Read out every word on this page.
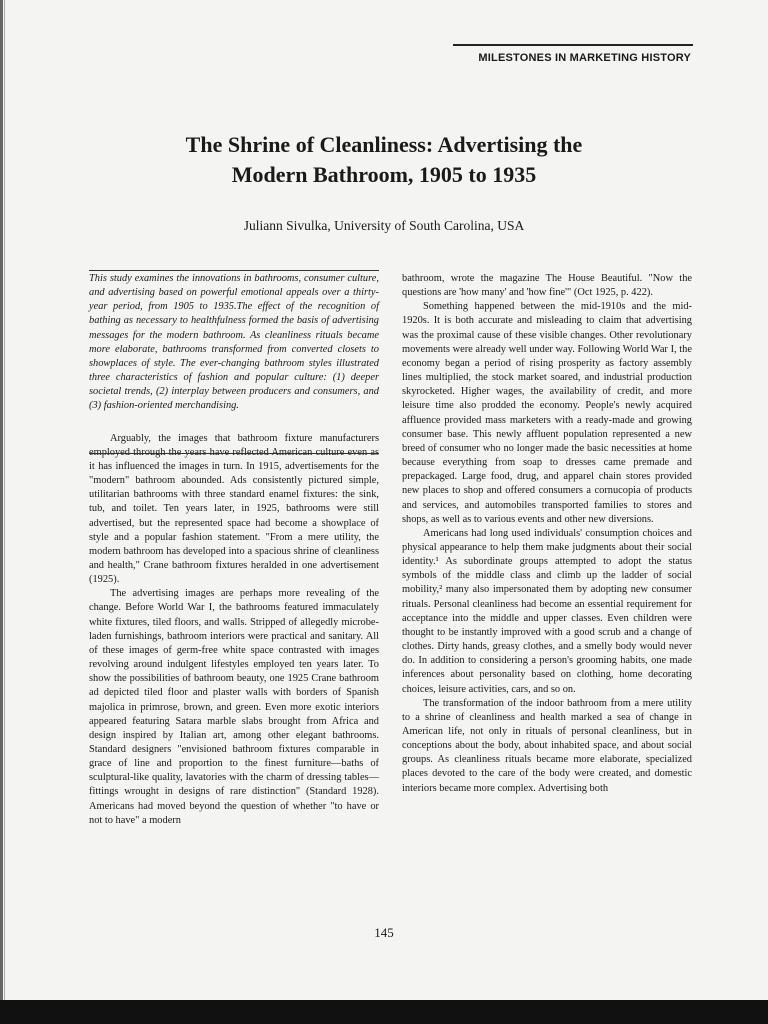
MILESTONES IN MARKETING HISTORY
The Shrine of Cleanliness: Advertising the
Modern Bathroom, 1905 to 1935
Juliann Sivulka, University of South Carolina, USA

This study examines the innovations in bathrooms, consumer culture, and advertising based on powerful emotional appeals over a thirty-year period, from 1905 to 1935.The effect of the recognition of bathing as necessary to healthfulness formed the basis of advertising messages for the modern bathroom. As cleanliness rituals became more elaborate, bathrooms transformed from converted closets to showplaces of style. The ever-changing bathroom styles illustrated three characteristics of fashion and popular culture: (1) deeper societal trends, (2) interplay between producers and consumers, and (3) fashion-oriented merchandising.

Arguably, the images that bathroom fixture manufacturers it has influenced the images in turn. In 1915, advertisements for the "modern" bathroom abounded. Ads consistently pictured simple, utilitarian bathrooms with three standard enamel fixtures: the sink, tub, and toilet. Ten years later, in 1925, bathrooms were still advertised, but the represented space had become a showplace of style and a popular fashion statement. "From a mere utility, the modern bathroom has developed into a spacious shrine of cleanliness and health," Crane bathroom fixtures heralded in one advertisement (1925).

The advertising images are perhaps more revealing of the change. Before World War I, the bathrooms featured immaculately white fixtures, tiled floors, and walls. Stripped of allegedly microbe-laden furnishings, bathroom interiors were practical and sanitary. All of these images of germ-free white space contrasted with images revolving around indulgent lifestyles employed ten years later. To show the possibilities of bathroom beauty, one 1925 Crane bathroom ad depicted tiled floor and plaster walls with borders of Spanish majolica in primrose, brown, and green. Even more exotic interiors appeared featuring Satara marble slabs brought from Africa and design inspired by Italian art, among other elegant bathrooms. Standard designers "envisioned bathroom fixtures comparable in grace of line and proportion to the finest furniture—baths of sculptural-like quality, lavatories with the charm of dressing tables—fittings wrought in designs of rare distinction" (Standard 1928). Americans had moved beyond the question of whether "to have or not to have" a modern

bathroom, wrote the magazine The House Beautiful. "Now the questions are 'how many' and 'how fine'" (Oct 1925, p. 422).

Something happened between the mid-1910s and the mid-1920s. It is both accurate and misleading to claim that advertising was the proximal cause of these visible changes. Other revolutionary movements were already well under way. Following World War I, the economy began a period of rising prosperity as factory assembly lines multiplied, the stock market soared, and industrial production skyrocketed. Higher wages, the availability of credit, and more leisure time also prodded the economy. People's newly acquired affluence provided mass marketers with a ready-made and growing consumer base. This newly affluent population represented a new breed of consumer who no longer made the basic necessities at home because everything from soap to dresses came premade and prepackaged. Large food, drug, and apparel chain stores provided new places to shop and offered consumers a cornucopia of products and services, and automobiles transported families to stores and shops, as well as to various events and other new diversions.

Americans had long used individuals' consumption choices and physical appearance to help them make judgments about their social identity.¹ As subordinate groups attempted to adopt the status symbols of the middle class and climb up the ladder of social mobility,² many also impersonated them by adopting new consumer rituals. Personal cleanliness had become an essential requirement for acceptance into the middle and upper classes. Even children were thought to be instantly improved with a good scrub and a change of clothes. Dirty hands, greasy clothes, and a smelly body would never do. In addition to considering a person's grooming habits, one made inferences about personality based on clothing, home decorating choices, leisure activities, cars, and so on.

The transformation of the indoor bathroom from a mere utility to a shrine of cleanliness and health marked a sea of change in American life, not only in rituals of personal cleanliness, but in conceptions about the body, about inhabited space, and about social groups. As cleanliness rituals became more elaborate, specialized places devoted to the care of the body were created, and domestic interiors became more complex. Advertising both

145
